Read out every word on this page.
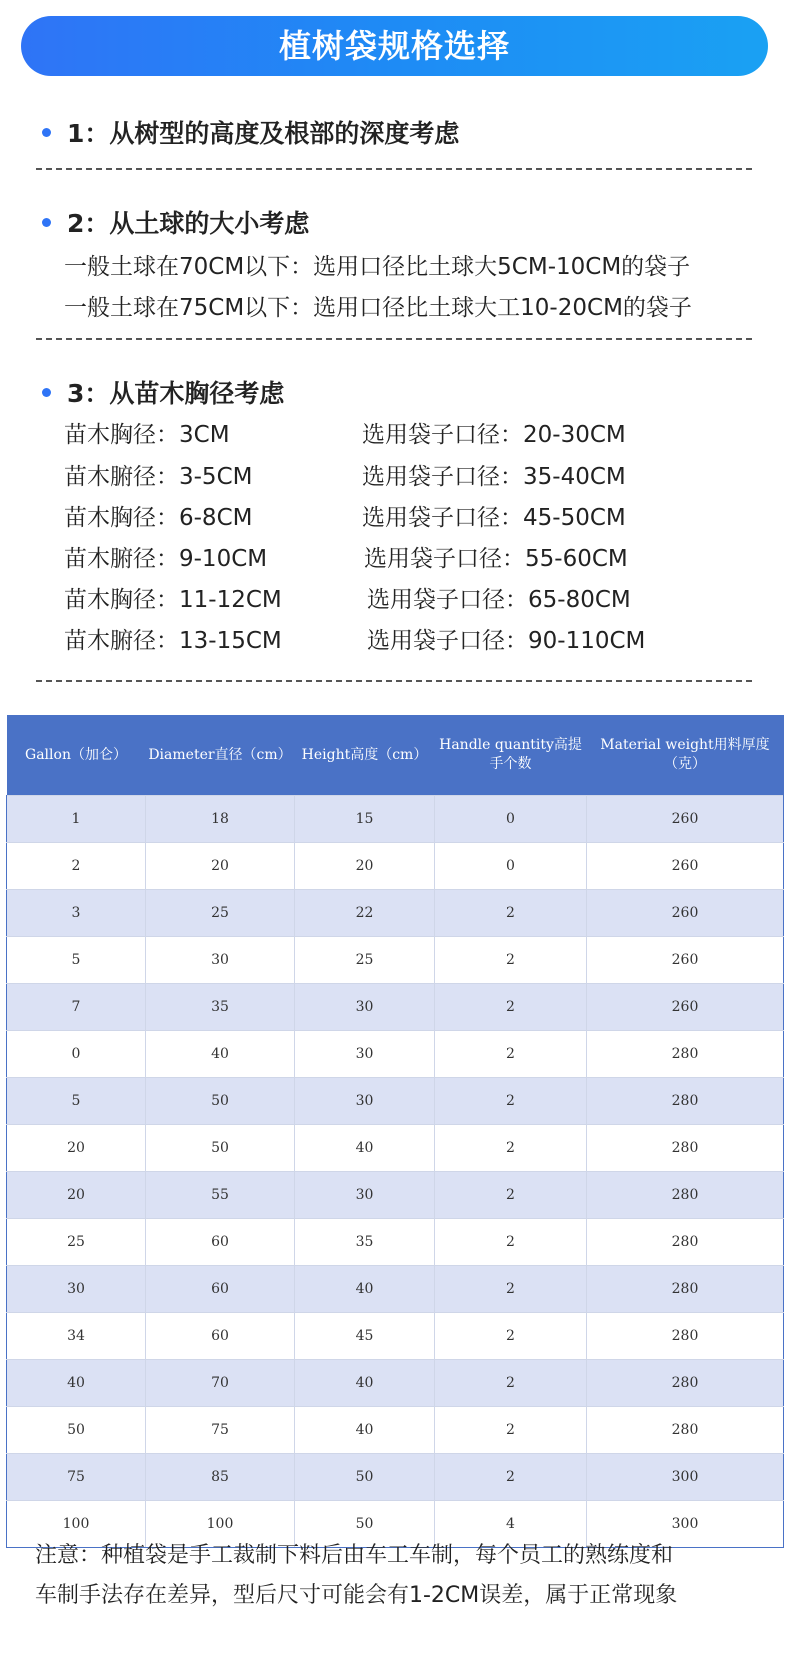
植树袋规格选择
1：从树型的高度及根部的深度考虑
2：从土球的大小考虑
一般土球在70CM以下：选用口径比土球大5CM-10CM的袋子
一般土球在75CM以下：选用口径比土球大工10-20CM的袋子
3：从苗木胸径考虑
苗木胸径：3CM	选用袋子口径：20-30CM
苗木腑径：3-5CM	选用袋子口径：35-40CM
苗木胸径：6-8CM	选用袋子口径：45-50CM
苗木腑径：9-10CM	选用袋子口径：55-60CM
苗木胸径：11-12CM	选用袋子口径：65-80CM
苗木腑径：13-15CM	选用袋子口径：90-110CM
Gallon（加仑）	Diameter直径（cm）	Height高度（cm）	Handle quantity高提手个数	Material weight用料厚度（克）
1	18	15	0	260
2	20	20	0	260
3	25	22	2	260
5	30	25	2	260
7	35	30	2	260
0	40	30	2	280
5	50	30	2	280
20	50	40	2	280
20	55	30	2	280
25	60	35	2	280
30	60	40	2	280
34	60	45	2	280
40	70	40	2	280
50	75	40	2	280
75	85	50	2	300
100	100	50	4	300
注意：种植袋是手工裁制下料后由车工车制，每个员工的熟练度和
车制手法存在差异，型后尺寸可能会有1-2CM误差，属于正常现象
